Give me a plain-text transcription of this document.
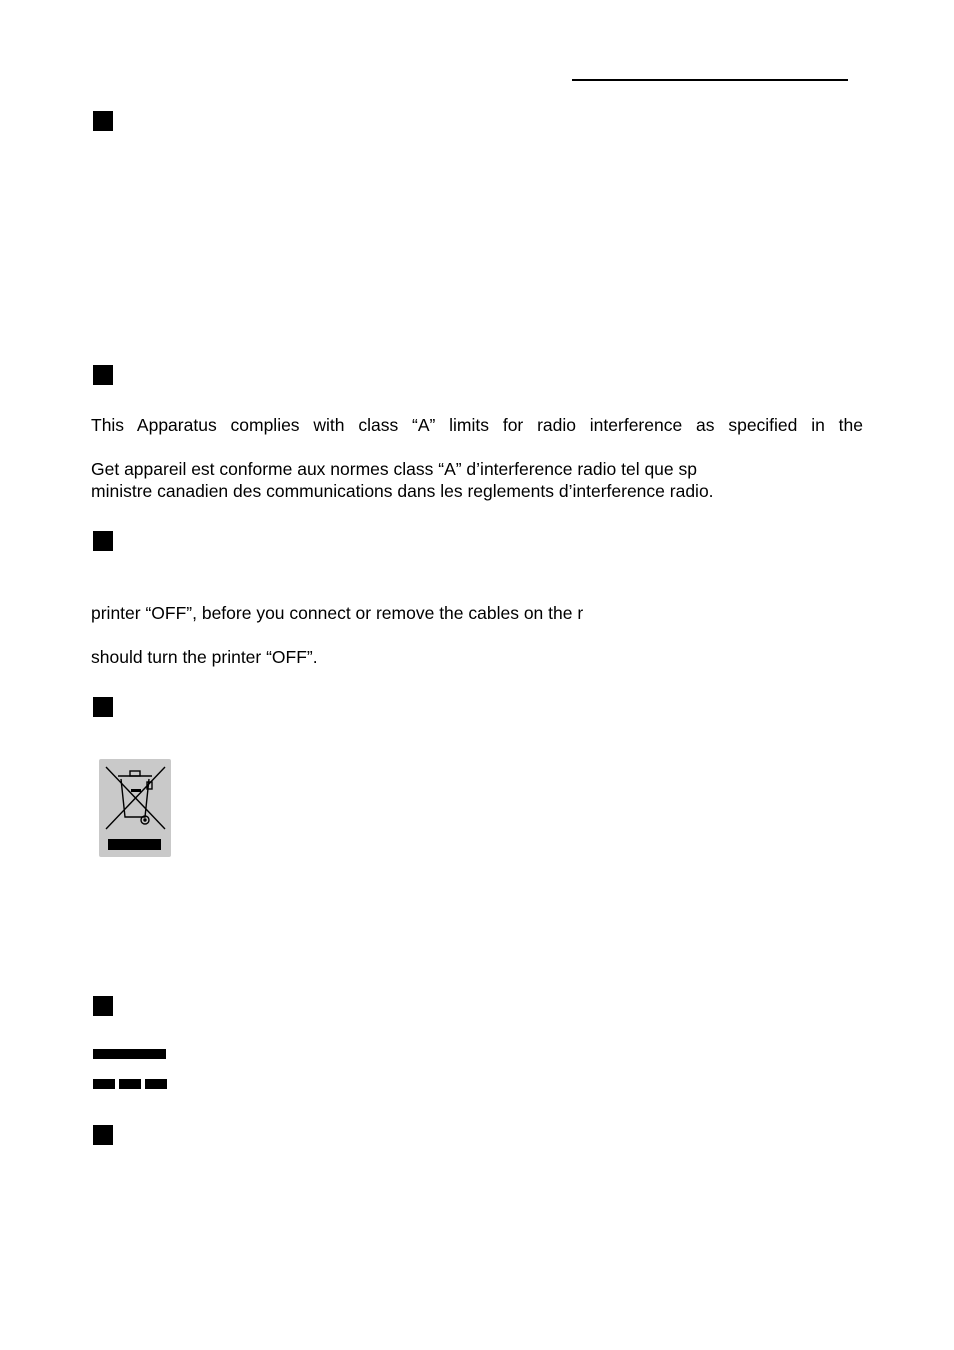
This Apparatus complies with class “A” limits for radio interference as specified in the
Get appareil est conforme aux normes class “A” d’interference radio tel que sp
ministre canadien des communications dans les reglements d’interference radio.
printer “OFF”, before you connect or remove the cables on the r
should turn the printer “OFF”.
